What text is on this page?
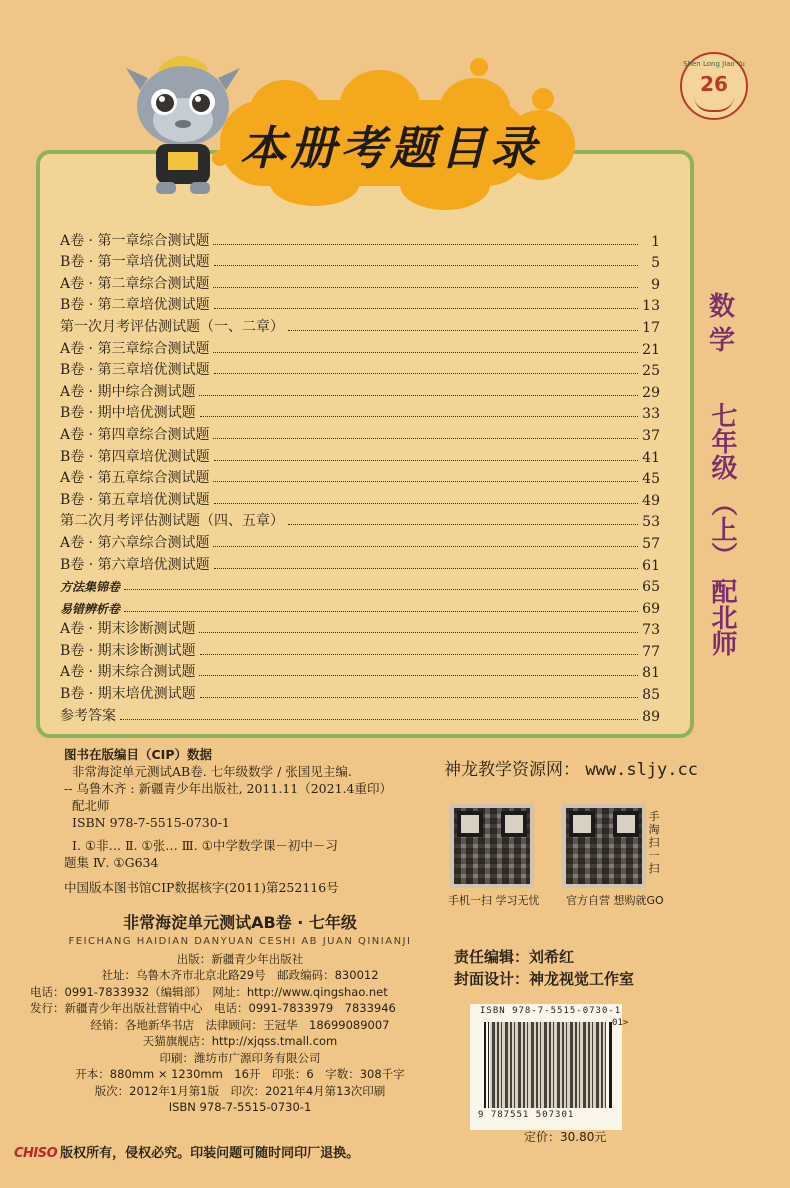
Shen Long Jiao Yu
26
本册考题目录
A卷 · 第一章综合测试题	1
B卷 · 第一章培优测试题	5
A卷 · 第二章综合测试题	9
B卷 · 第二章培优测试题	13
第一次月考评估测试题（一、二章）	17
A卷 · 第三章综合测试题	21
B卷 · 第三章培优测试题	25
A卷 · 期中综合测试题	29
B卷 · 期中培优测试题	33
A卷 · 第四章综合测试题	37
B卷 · 第四章培优测试题	41
A卷 · 第五章综合测试题	45
B卷 · 第五章培优测试题	49
第二次月考评估测试题（四、五章）	53
A卷 · 第六章综合测试题	57
B卷 · 第六章培优测试题	61
方法集锦卷	65
易错辨析卷	69
A卷 · 期末诊断测试题	73
B卷 · 期末诊断测试题	77
A卷 · 期末综合测试题	81
B卷 · 期末培优测试题	85
参考答案	89
数学
七年级
（上）
配北师
图书在版编目（CIP）数据
非常海淀单元测试AB卷. 七年级数学 / 张国见主编.
-- 乌鲁木齐 : 新疆青少年出版社, 2011.11（2021.4重印）
配北师
ISBN 978-7-5515-0730-1
Ⅰ. ①非… Ⅱ. ①张… Ⅲ. ①中学数学课－初中－习
题集 Ⅳ. ①G634
中国版本图书馆CIP数据核字(2011)第252116号
神龙教学资源网： www.sljy.cc
手机一扫 学习无忧 官方自营 想购就GO
手淘扫一扫
非常海淀单元测试AB卷 · 七年级
FEICHANG HAIDIAN DANYUAN CESHI AB JUAN QINIANJI
出版：新疆青少年出版社
社址：乌鲁木齐市北京北路29号　邮政编码：830012
电话：0991-7833932（编辑部）　网址：http://www.qingshao.net
发行：新疆青少年出版社营销中心　电话：0991-7833979　7833946
经销：各地新华书店　法律顾问：王冠华　18699089007
天猫旗舰店：http://xjqss.tmall.com
印刷：潍坊市广源印务有限公司
开本：880mm × 1230mm　16开　印张：6　字数：308千字
版次：2012年1月第1版　印次：2021年4月第13次印刷
ISBN 978-7-5515-0730-1
责任编辑：刘希红
封面设计：神龙视觉工作室
ISBN 978-7-5515-0730-1
01>
9 787551 507301
定价：30.80元
CHISO 版权所有，侵权必究。印装问题可随时同印厂退换。
